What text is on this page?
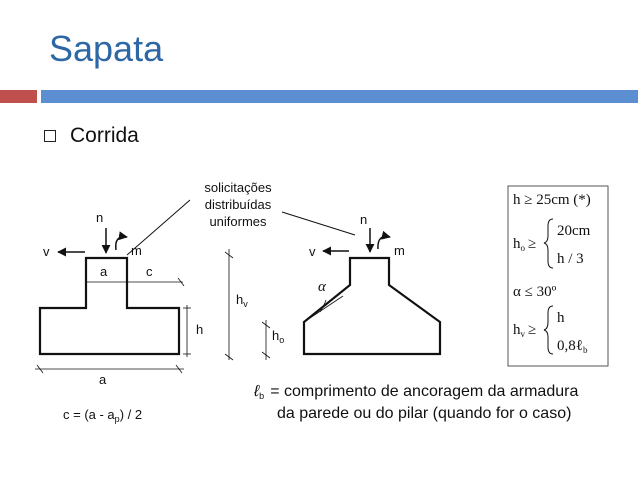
Sapata
Corrida
solicitações
distribuídas
uniformes
n
v	m
a	c
h
a
$c = (a - a_p) / 2$
$h_v$
$h_o$
n
v	m
α
h ≥ 25cm (*)
$h_o$ ≥
20cm
h / 3
α ≤ 30º
$h_v$ ≥
h
0,8ℓ$_b$
ℓb = comprimento de ancoragem da armadura
da parede ou do pilar (quando for o caso)
